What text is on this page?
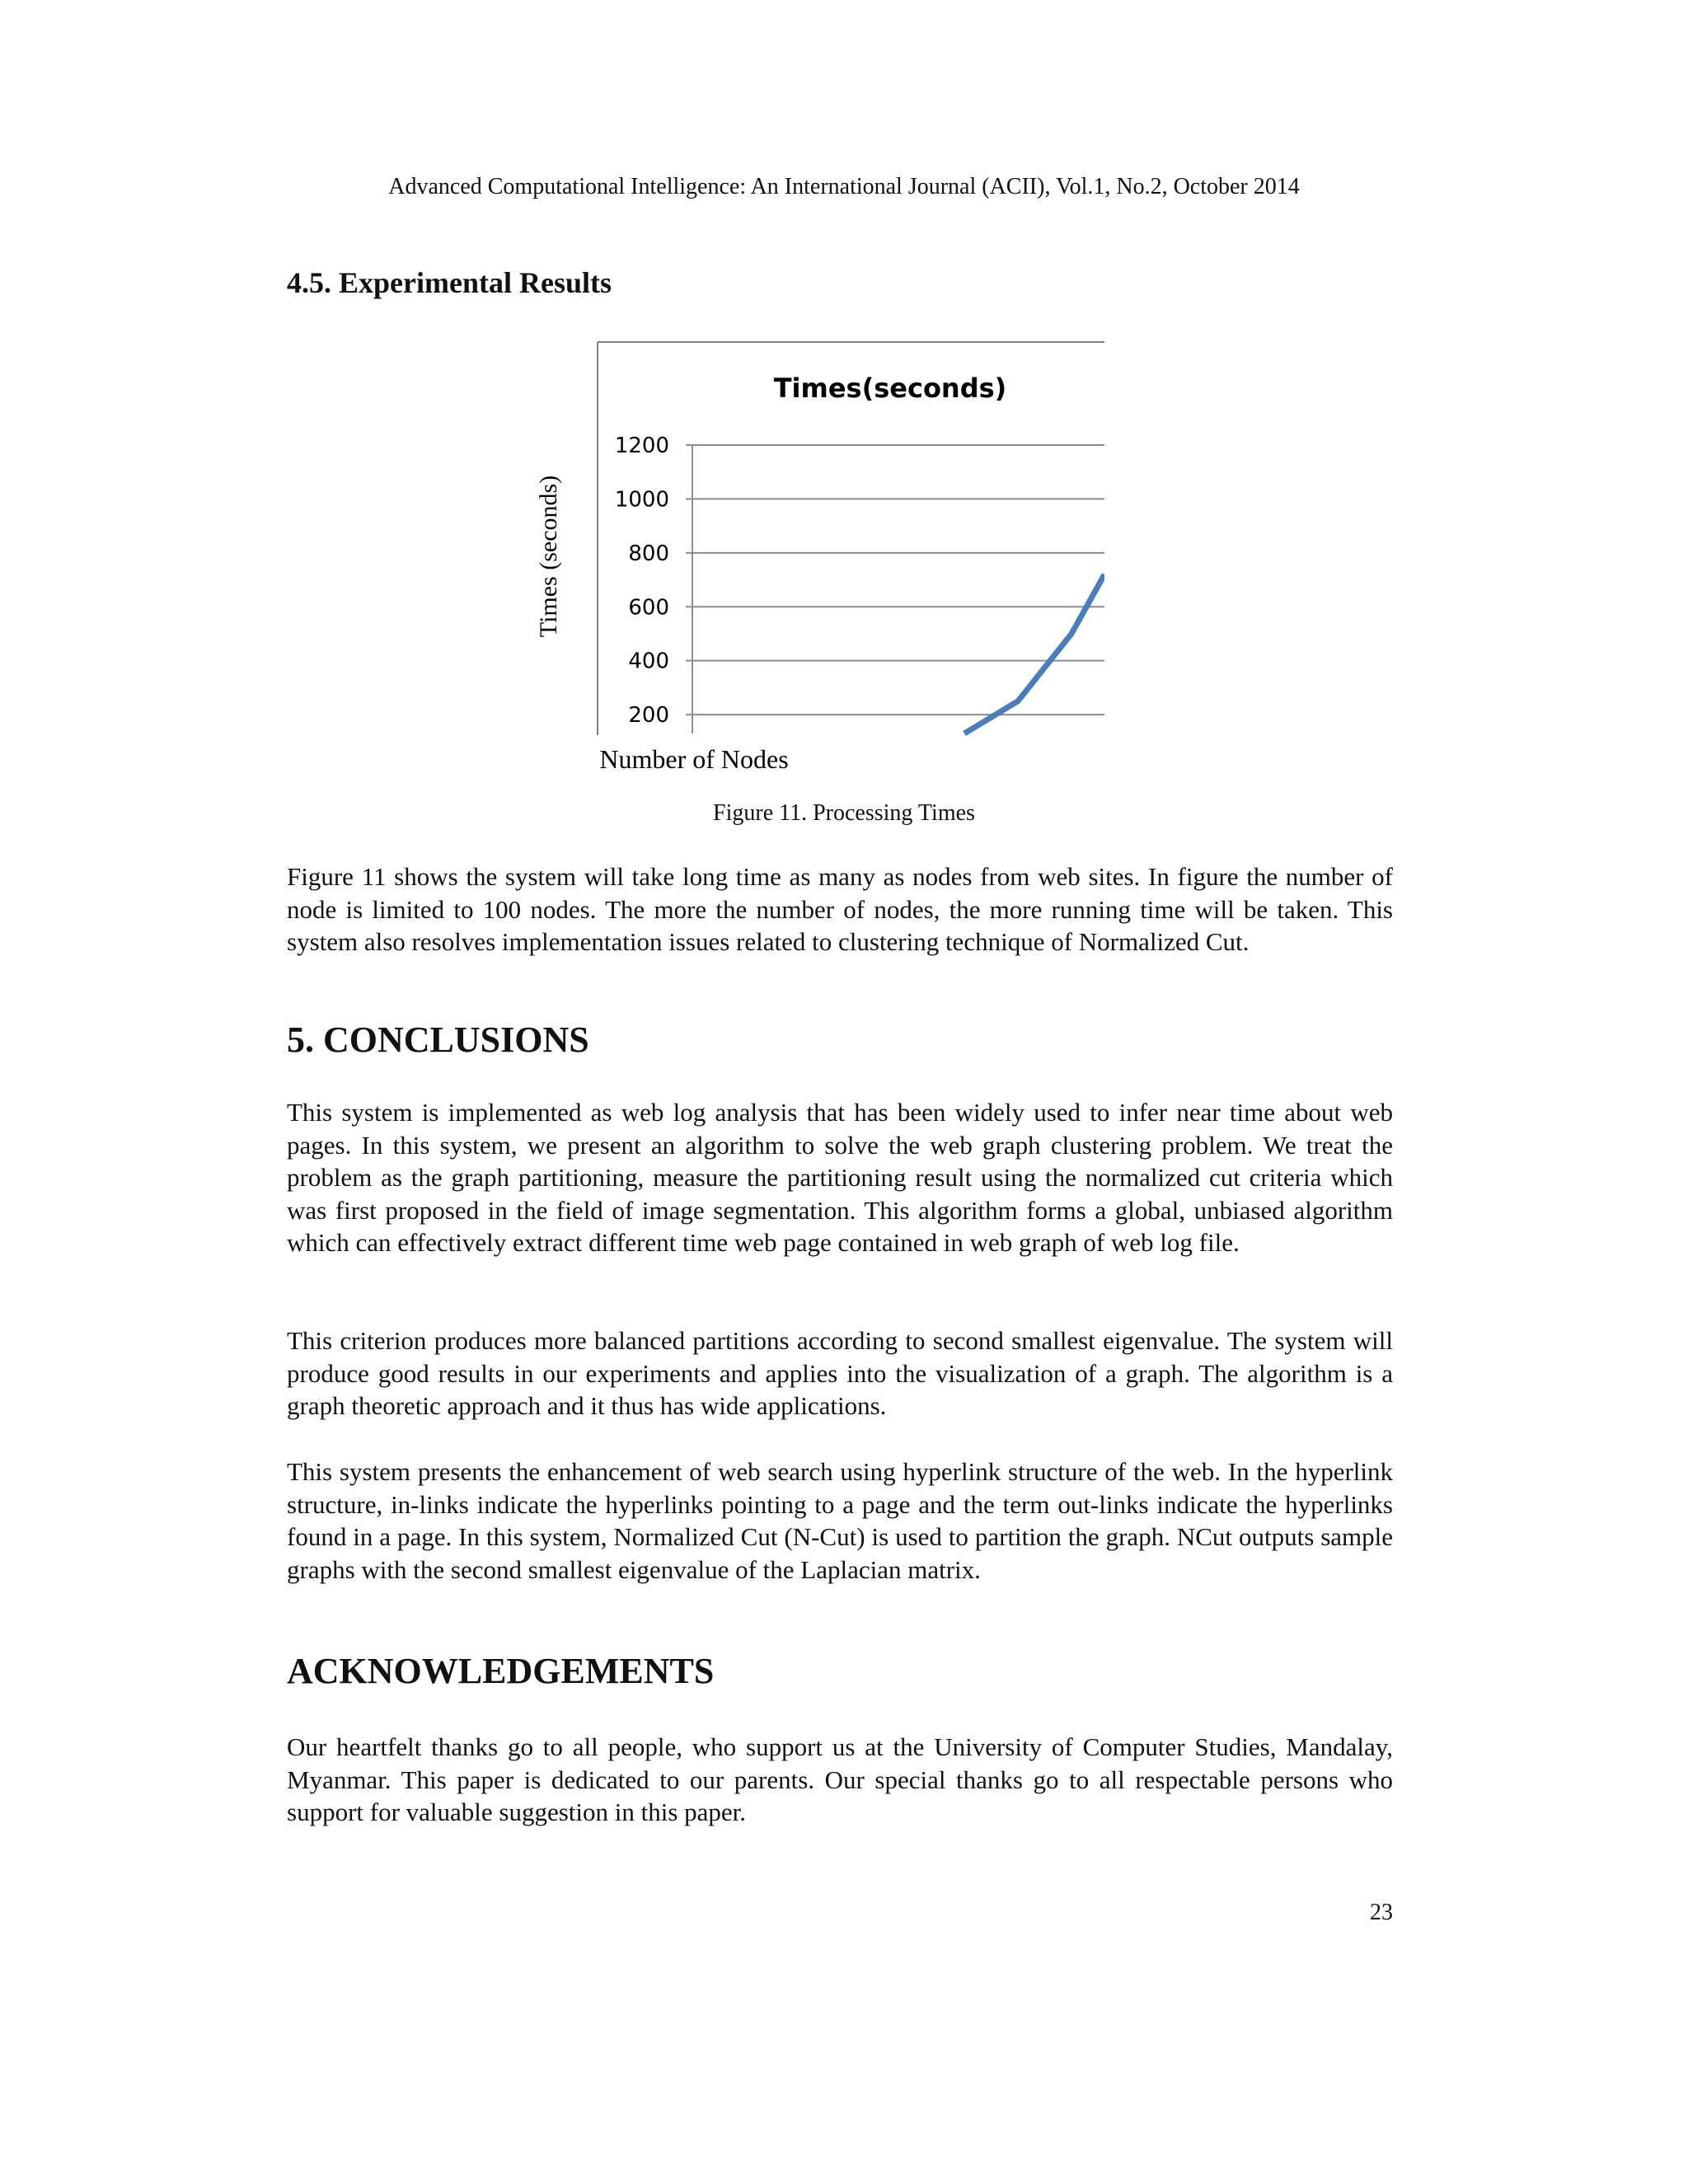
Advanced Computational Intelligence: An International Journal (ACII), Vol.1, No.2, October 2014
4.5. Experimental Results
Times(seconds)
Times (seconds)
Number of Nodes
200
400
600
800
1000
1200
Figure 11. Processing Times

Figure 11 shows the system will take long time as many as nodes from web sites. In figure the number of node is limited to 100 nodes. The more the number of nodes, the more running time will be taken. This system also resolves implementation issues related to clustering technique of Normalized Cut.

5. CONCLUSIONS

This system is implemented as web log analysis that has been widely used to infer near time about web pages. In this system, we present an algorithm to solve the web graph clustering problem. We treat the problem as the graph partitioning, measure the partitioning result using the normalized cut criteria which was first proposed in the field of image segmentation. This algorithm forms a global, unbiased algorithm which can effectively extract different time web page contained in web graph of web log file.

This criterion produces more balanced partitions according to second smallest eigenvalue. The system will produce good results in our experiments and applies into the visualization of a graph. The algorithm is a graph theoretic approach and it thus has wide applications.

This system presents the enhancement of web search using hyperlink structure of the web. In the hyperlink structure, in-links indicate the hyperlinks pointing to a page and the term out-links indicate the hyperlinks found in a page. In this system, Normalized Cut (N-Cut) is used to partition the graph. NCut outputs sample graphs with the second smallest eigenvalue of the Laplacian matrix.

ACKNOWLEDGEMENTS

Our heartfelt thanks go to all people, who support us at the University of Computer Studies, Mandalay, Myanmar. This paper is dedicated to our parents. Our special thanks go to all respectable persons who support for valuable suggestion in this paper.

23
